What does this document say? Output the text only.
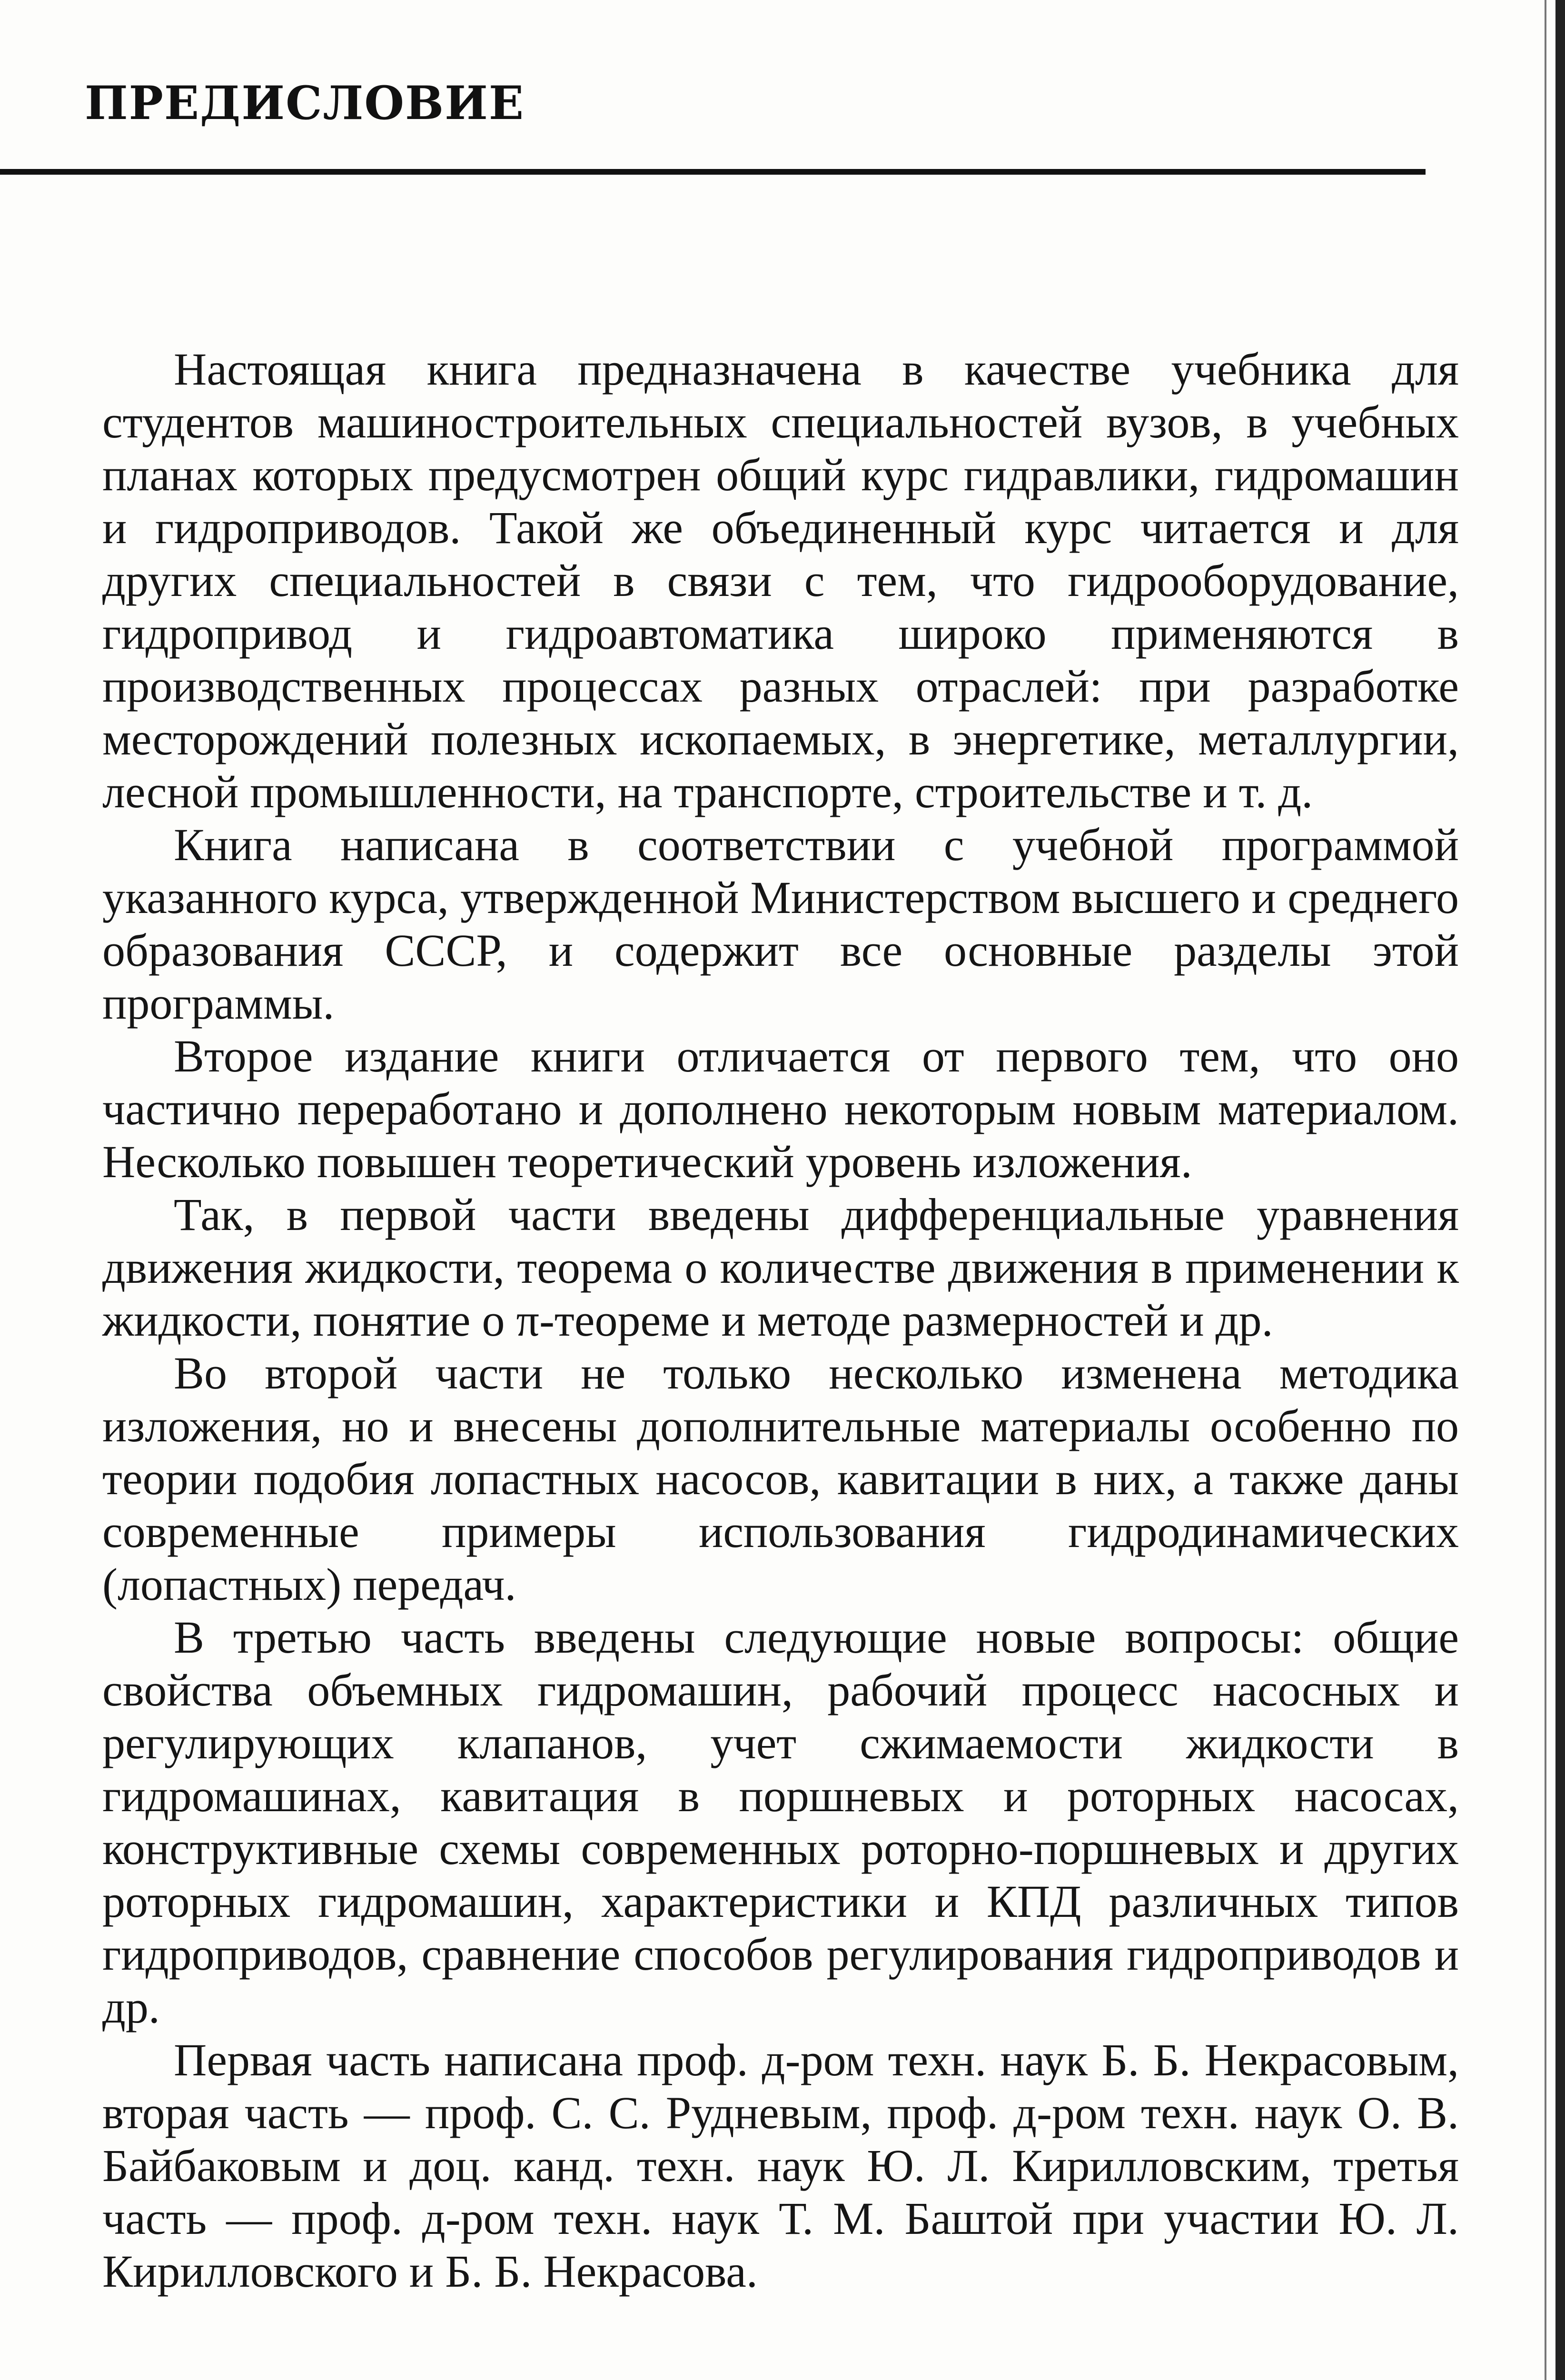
ПРЕДИСЛОВИЕ

Настоящая книга предназначена в качестве учебника для студентов машиностроительных специальностей вузов, в учебных планах которых предусмотрен общий курс гидравлики, гидромашин и гидроприводов. Такой же объединенный курс читается и для других специальностей в связи с тем, что гидрооборудование, гидропривод и гидроавтоматика широко применяются в производственных процессах разных отраслей: при разработке месторождений полезных ископаемых, в энергетике, металлургии, лесной промышленности, на транспорте, строительстве и т. д.

Книга написана в соответствии с учебной программой указанного курса, утвержденной Министерством высшего и среднего образования СССР, и содержит все основные разделы этой программы.

Второе издание книги отличается от первого тем, что оно частично переработано и дополнено некоторым новым материалом. Несколько повышен теоретический уровень изложения.

Так, в первой части введены дифференциальные уравнения движения жидкости, теорема о количестве движения в применении к жидкости, понятие о π-теореме и методе размерностей и др.

Во второй части не только несколько изменена методика изложения, но и внесены дополнительные материалы особенно по теории подобия лопастных насосов, кавитации в них, а также даны современные примеры использования гидродинамических (лопастных) передач.

В третью часть введены следующие новые вопросы: общие свойства объемных гидромашин, рабочий процесс насосных и регулирующих клапанов, учет сжимаемости жидкости в гидромашинах, кавитация в поршневых и роторных насосах, конструктивные схемы современных роторно-поршневых и других роторных гидромашин, характеристики и КПД различных типов гидроприводов, сравнение способов регулирования гидроприводов и др.

Первая часть написана проф. д-ром техн. наук Б. Б. Некрасовым, вторая часть — проф. С. С. Рудневым, проф. д-ром техн. наук О. В. Байбаковым и доц. канд. техн. наук Ю. Л. Кирилловским, третья часть — проф. д-ром техн. наук Т. М. Баштой при участии Ю. Л. Кирилловского и Б. Б. Некрасова.
